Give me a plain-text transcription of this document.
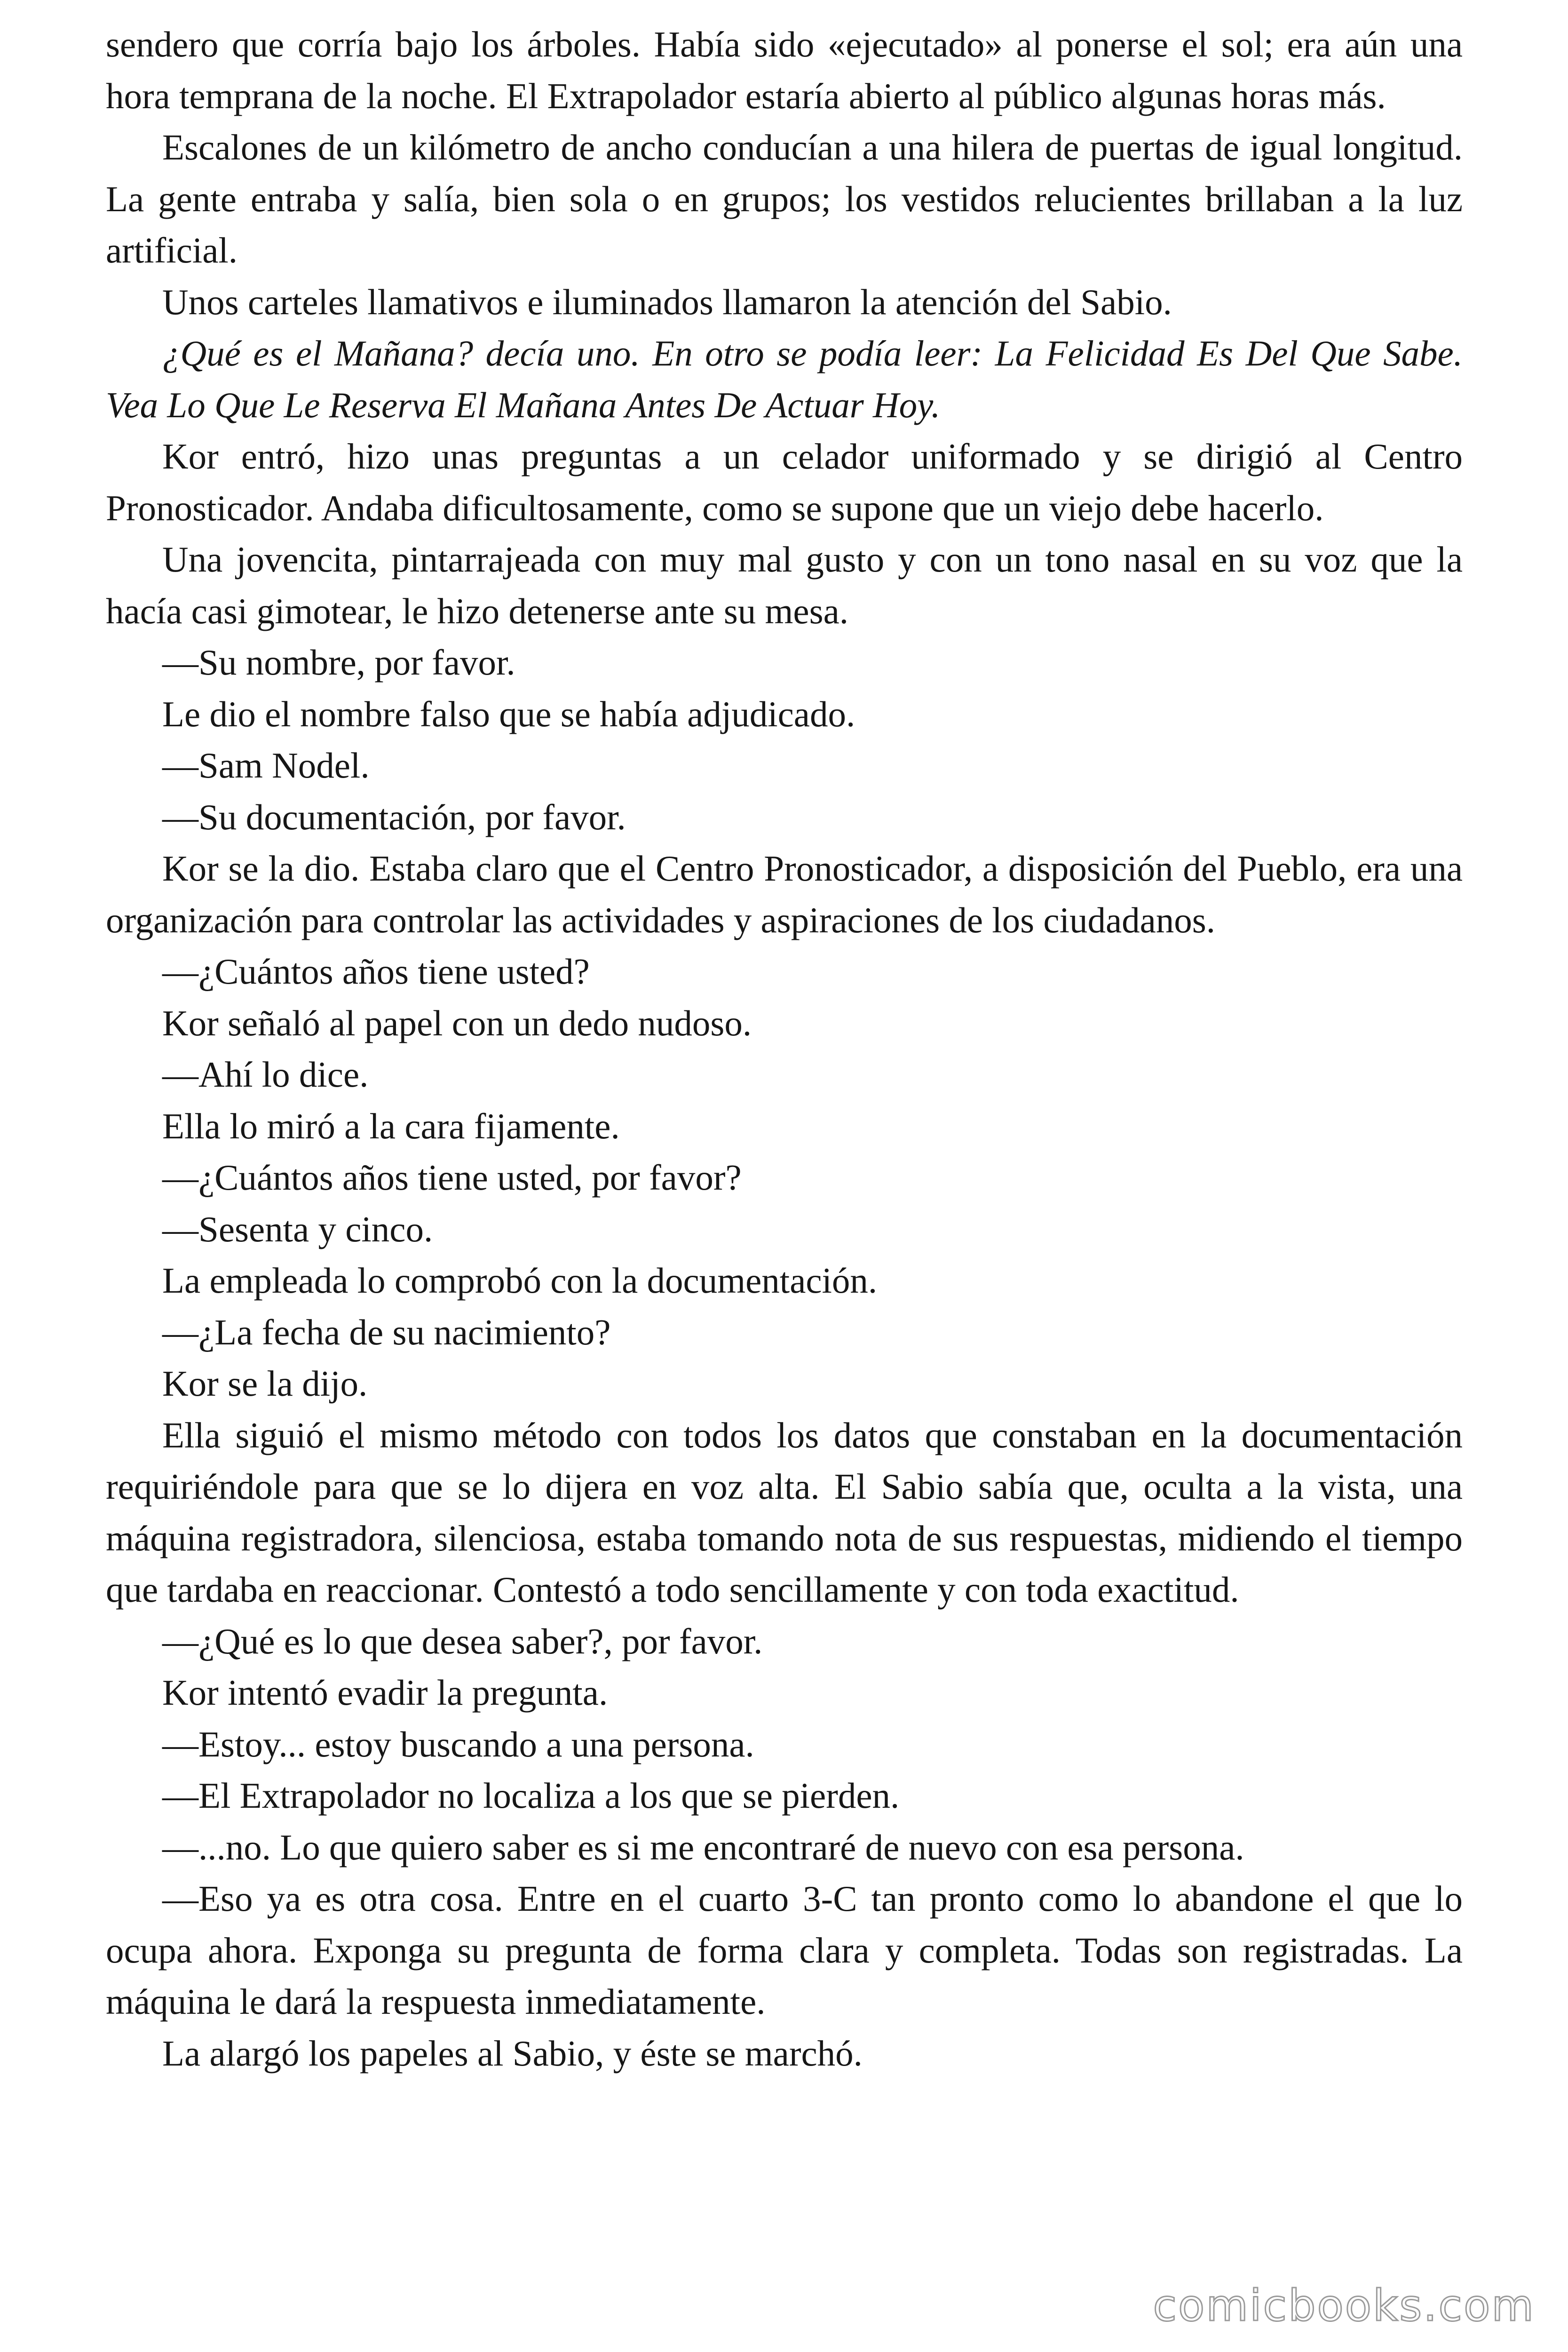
sendero que corría bajo los árboles. Había sido «ejecutado» al ponerse el sol; era aún una hora temprana de la noche. El Extrapolador estaría abierto al público algunas horas más.

Escalones de un kilómetro de ancho conducían a una hilera de puertas de igual longitud. La gente entraba y salía, bien sola o en grupos; los vestidos relucientes brillaban a la luz artificial.

Unos carteles llamativos e iluminados llamaron la atención del Sabio.

¿Qué es el Mañana? decía uno. En otro se podía leer: La Felicidad Es Del Que Sabe. Vea Lo Que Le Reserva El Mañana Antes De Actuar Hoy.

Kor entró, hizo unas preguntas a un celador uniformado y se dirigió al Centro Pronosticador. Andaba dificultosamente, como se supone que un viejo debe hacerlo.

Una jovencita, pintarrajeada con muy mal gusto y con un tono nasal en su voz que la hacía casi gimotear, le hizo detenerse ante su mesa.

—Su nombre, por favor.

Le dio el nombre falso que se había adjudicado.

—Sam Nodel.

—Su documentación, por favor.

Kor se la dio. Estaba claro que el Centro Pronosticador, a disposición del Pueblo, era una organización para controlar las actividades y aspiraciones de los ciudadanos.

—¿Cuántos años tiene usted?

Kor señaló al papel con un dedo nudoso.

—Ahí lo dice.

Ella lo miró a la cara fijamente.

—¿Cuántos años tiene usted, por favor?

—Sesenta y cinco.

La empleada lo comprobó con la documentación.

—¿La fecha de su nacimiento?

Kor se la dijo.

Ella siguió el mismo método con todos los datos que constaban en la documentación requiriéndole para que se lo dijera en voz alta. El Sabio sabía que, oculta a la vista, una máquina registradora, silenciosa, estaba tomando nota de sus respuestas, midiendo el tiempo que tardaba en reaccionar. Contestó a todo sencillamente y con toda exactitud.

—¿Qué es lo que desea saber?, por favor.

Kor intentó evadir la pregunta.

—Estoy... estoy buscando a una persona.

—El Extrapolador no localiza a los que se pierden.

—...no. Lo que quiero saber es si me encontraré de nuevo con esa persona.

—Eso ya es otra cosa. Entre en el cuarto 3-C tan pronto como lo abandone el que lo ocupa ahora. Exponga su pregunta de forma clara y completa. Todas son registradas. La máquina le dará la respuesta inmediatamente.

La alargó los papeles al Sabio, y éste se marchó.

comicbooks.com
